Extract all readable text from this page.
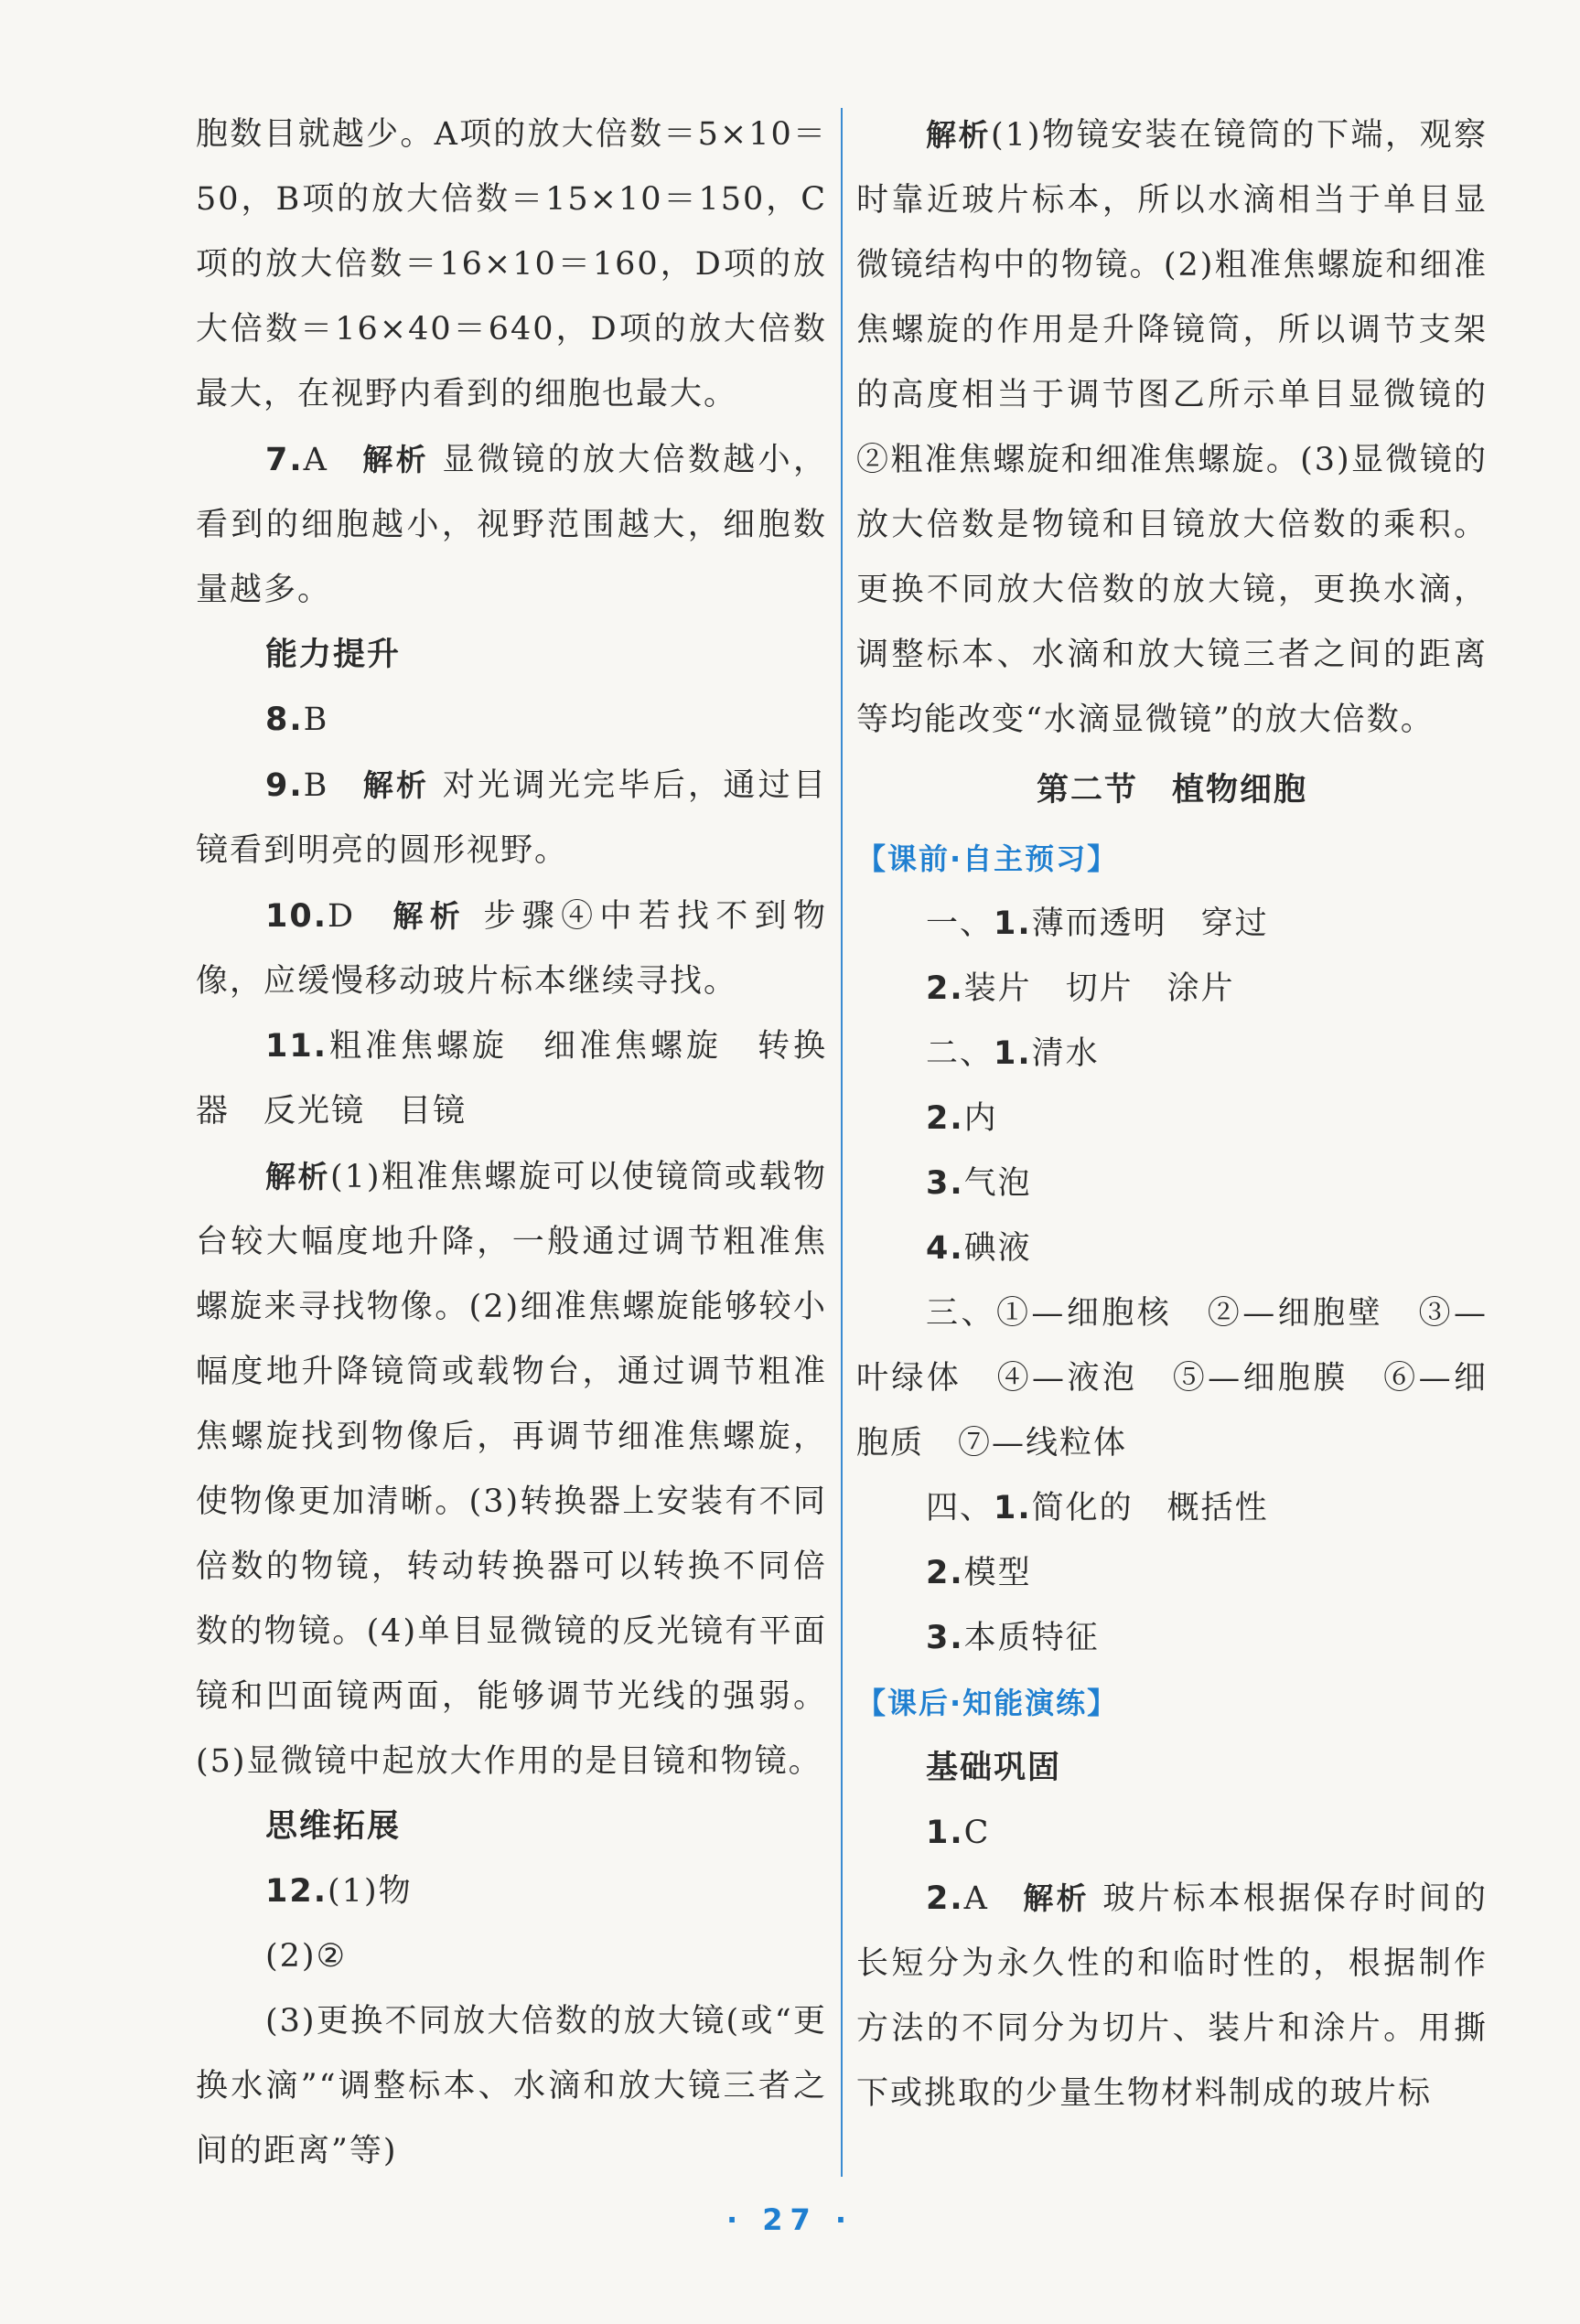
胞数目就越少。A项的放大倍数＝5×10＝50，B项的放大倍数＝15×10＝150，C项的放大倍数＝16×10＝160，D项的放大倍数＝16×40＝640，D项的放大倍数最大，在视野内看到的细胞也最大。

7.A 解析 显微镜的放大倍数越小，看到的细胞越小，视野范围越大，细胞数量越多。

能力提升

8.B

9.B 解析 对光调光完毕后，通过目镜看到明亮的圆形视野。

10.D 解析 步骤④中若找不到物像，应缓慢移动玻片标本继续寻找。

11.粗准焦螺旋　细准焦螺旋　转换器　反光镜　目镜

解析(1)粗准焦螺旋可以使镜筒或载物台较大幅度地升降，一般通过调节粗准焦螺旋来寻找物像。(2)细准焦螺旋能够较小幅度地升降镜筒或载物台，通过调节粗准焦螺旋找到物像后，再调节细准焦螺旋，使物像更加清晰。(3)转换器上安装有不同倍数的物镜，转动转换器可以转换不同倍数的物镜。(4)单目显微镜的反光镜有平面镜和凹面镜两面，能够调节光线的强弱。(5)显微镜中起放大作用的是目镜和物镜。

思维拓展

12.(1)物

(2)②

(3)更换不同放大倍数的放大镜(或“更换水滴”“调整标本、水滴和放大镜三者之间的距离”等)

解析(1)物镜安装在镜筒的下端，观察时靠近玻片标本，所以水滴相当于单目显微镜结构中的物镜。(2)粗准焦螺旋和细准焦螺旋的作用是升降镜筒，所以调节支架的高度相当于调节图乙所示单目显微镜的②粗准焦螺旋和细准焦螺旋。(3)显微镜的放大倍数是物镜和目镜放大倍数的乘积。更换不同放大倍数的放大镜，更换水滴，调整标本、水滴和放大镜三者之间的距离等均能改变“水滴显微镜”的放大倍数。

第二节　植物细胞

【课前·自主预习】

一、1.薄而透明　穿过

2.装片　切片　涂片

二、1.清水

2.内

3.气泡

4.碘液

三、①—细胞核　②—细胞壁　③—叶绿体　④—液泡　⑤—细胞膜　⑥—细胞质　⑦—线粒体

四、1.简化的　概括性

2.模型

3.本质特征

【课后·知能演练】

基础巩固

1.C

2.A 解析 玻片标本根据保存时间的长短分为永久性的和临时性的，根据制作方法的不同分为切片、装片和涂片。用撕下或挑取的少量生物材料制成的玻片标

· 27 ·
